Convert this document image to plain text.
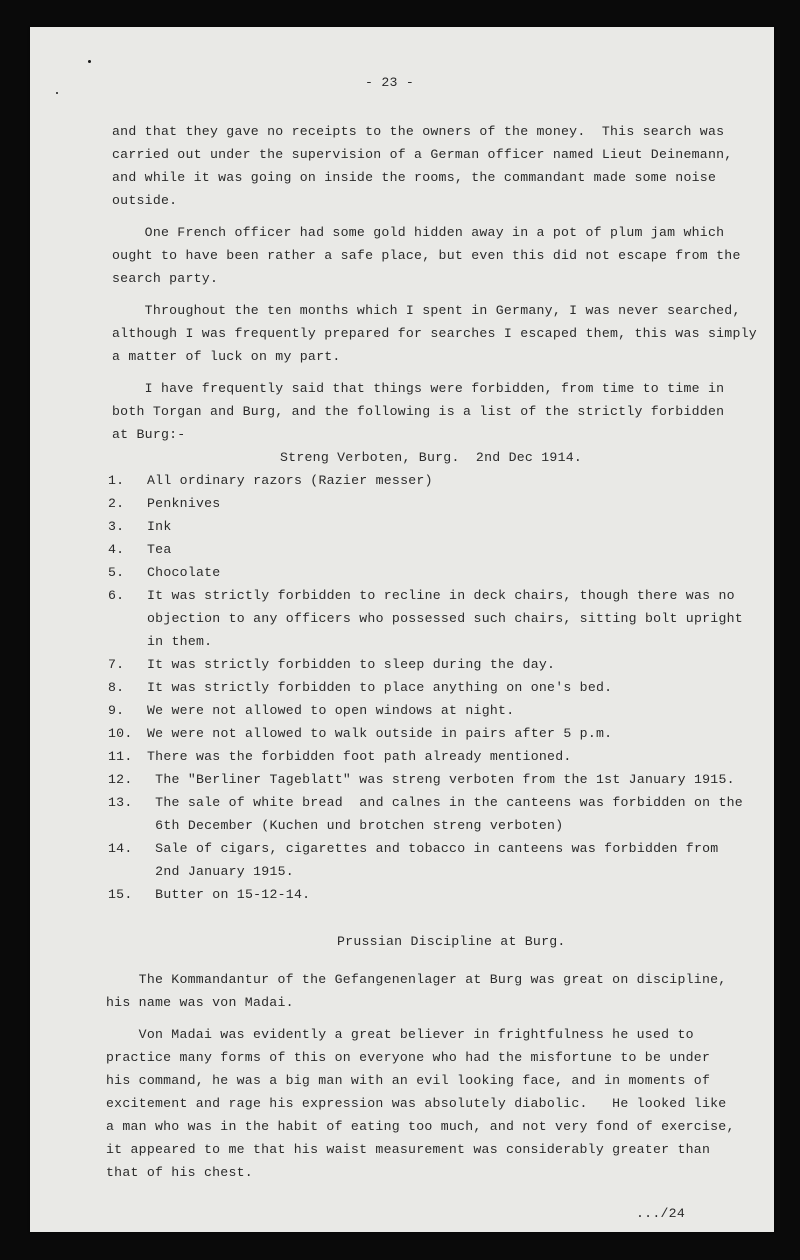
- 23 -

and that they gave no receipts to the owners of the money.  This search was

carried out under the supervision of a German officer named Lieut Deinemann,

and while it was going on inside the rooms, the commandant made some noise

outside.

One French officer had some gold hidden away in a pot of plum jam which

ought to have been rather a safe place, but even this did not escape from the

search party.

Throughout the ten months which I spent in Germany, I was never searched,

although I was frequently prepared for searches I escaped them, this was simply

a matter of luck on my part.

I have frequently said that things were forbidden, from time to time in

both Torgan and Burg, and the following is a list of the strictly forbidden

at Burg:-

Streng Verboten, Burg.  2nd Dec 1914.

1. All ordinary razors (Razier messer)

2. Penknives

3. Ink

4. Tea

5. Chocolate

6. It was strictly forbidden to recline in deck chairs, though there was no

objection to any officers who possessed such chairs, sitting bolt upright

in them.

7. It was strictly forbidden to sleep during the day.

8. It was strictly forbidden to place anything on one's bed.

9. We were not allowed to open windows at night.

10. We were not allowed to walk outside in pairs after 5 p.m.

11. There was the forbidden foot path already mentioned.

12. The "Berliner Tageblatt" was streng verboten from the 1st January 1915.

13. The sale of white bread  and calnes in the canteens was forbidden on the

6th December (Kuchen und brotchen streng verboten)

14. Sale of cigars, cigarettes and tobacco in canteens was forbidden from

2nd January 1915.

15. Butter on 15-12-14.

Prussian Discipline at Burg.

The Kommandantur of the Gefangenenlager at Burg was great on discipline,

his name was von Madai.

Von Madai was evidently a great believer in frightfulness he used to

practice many forms of this on everyone who had the misfortune to be under

his command, he was a big man with an evil looking face, and in moments of

excitement and rage his expression was absolutely diabolic.   He looked like

a man who was in the habit of eating too much, and not very fond of exercise,

it appeared to me that his waist measurement was considerably greater than

that of his chest.

.../24
